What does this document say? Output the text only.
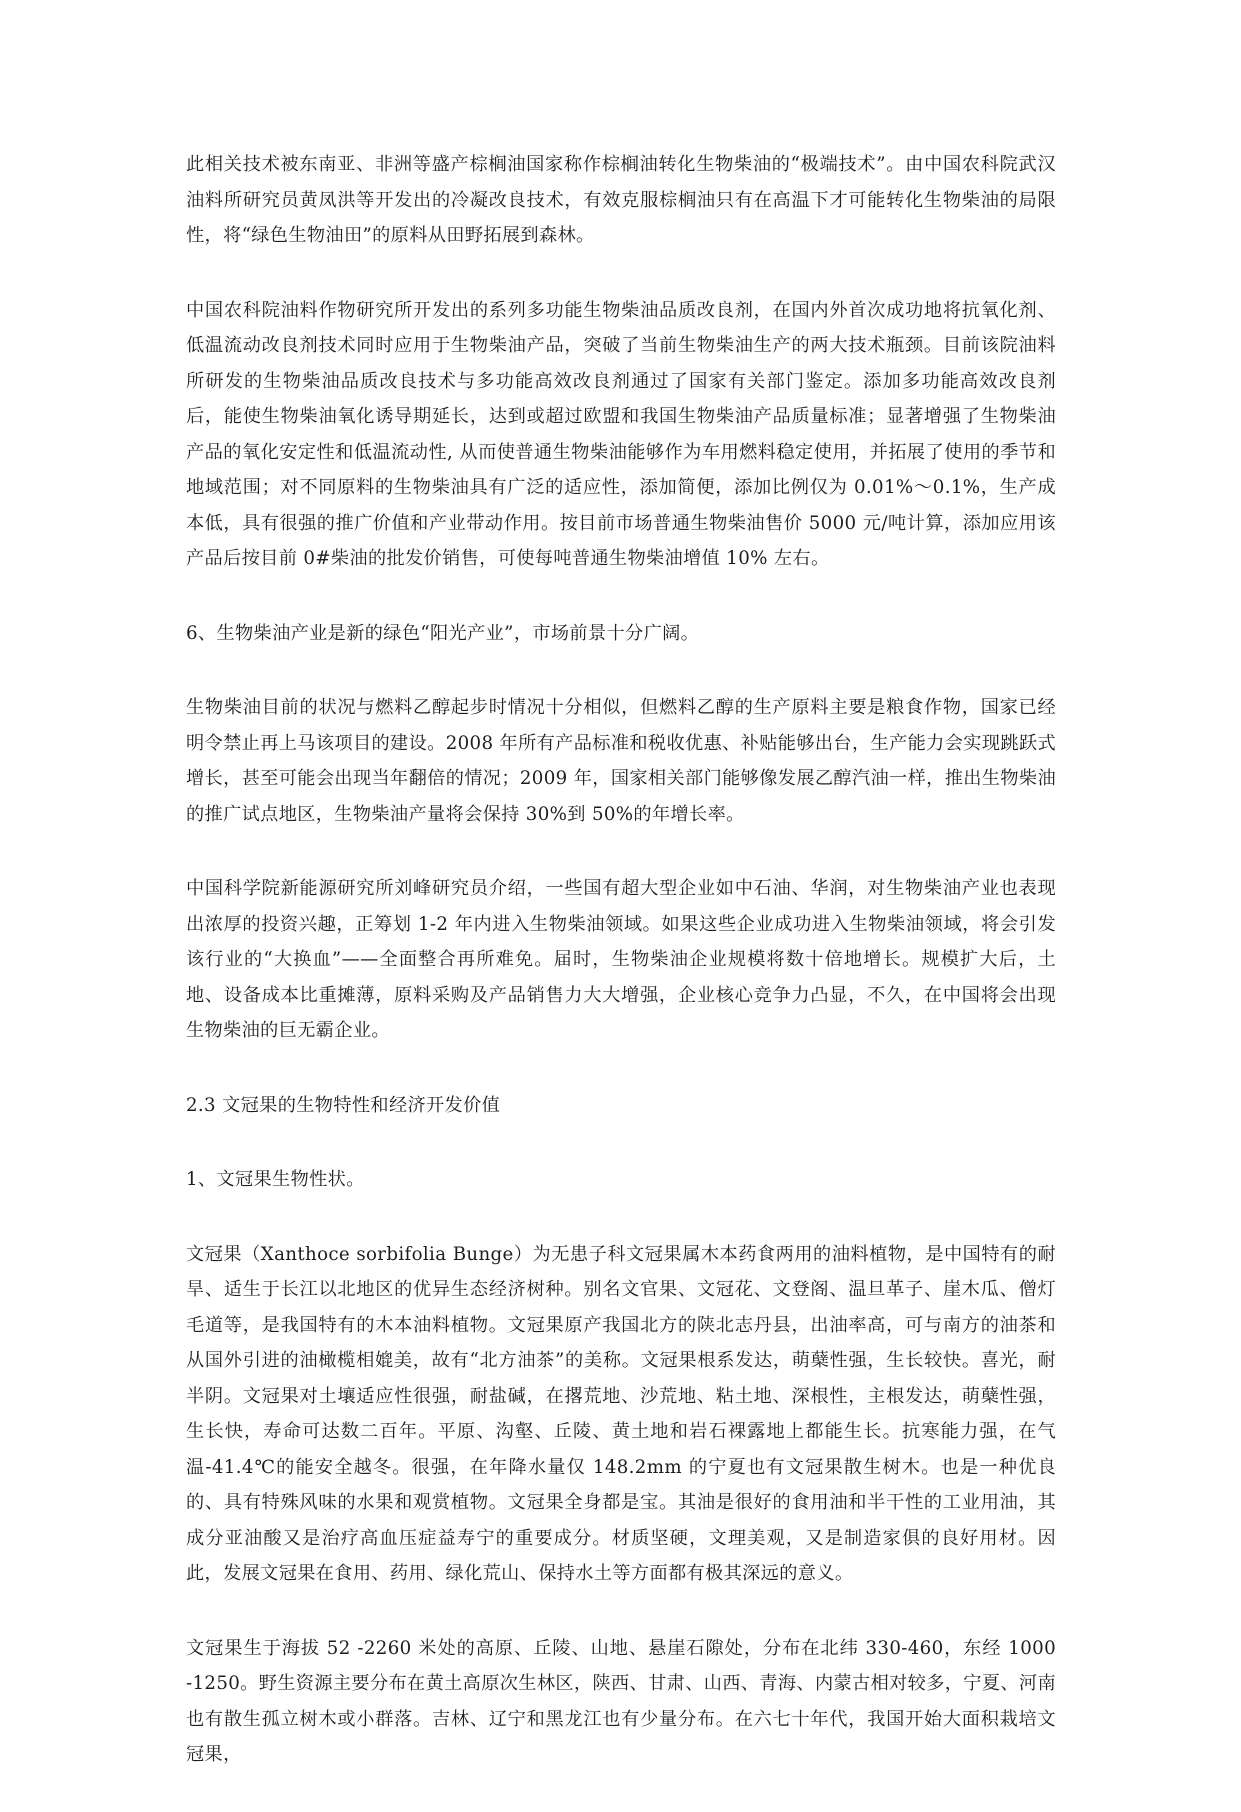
此相关技术被东南亚、非洲等盛产棕榈油国家称作棕榈油转化生物柴油的“极端技术”。由中国农科院武汉油料所研究员黄凤洪等开发出的冷凝改良技术，有效克服棕榈油只有在高温下才可能转化生物柴油的局限性，将“绿色生物油田”的原料从田野拓展到森林。

中国农科院油料作物研究所开发出的系列多功能生物柴油品质改良剂，在国内外首次成功地将抗氧化剂、低温流动改良剂技术同时应用于生物柴油产品，突破了当前生物柴油生产的两大技术瓶颈。目前该院油料所研发的生物柴油品质改良技术与多功能高效改良剂通过了国家有关部门鉴定。添加多功能高效改良剂后，能使生物柴油氧化诱导期延长，达到或超过欧盟和我国生物柴油产品质量标准；显著增强了生物柴油产品的氧化安定性和低温流动性, 从而使普通生物柴油能够作为车用燃料稳定使用，并拓展了使用的季节和地域范围；对不同原料的生物柴油具有广泛的适应性，添加简便，添加比例仅为 0.01%～0.1%，生产成本低，具有很强的推广价值和产业带动作用。按目前市场普通生物柴油售价 5000 元/吨计算，添加应用该产品后按目前 0#柴油的批发价销售，可使每吨普通生物柴油增值 10% 左右。

6、生物柴油产业是新的绿色“阳光产业”，市场前景十分广阔。

生物柴油目前的状况与燃料乙醇起步时情况十分相似，但燃料乙醇的生产原料主要是粮食作物，国家已经明令禁止再上马该项目的建设。2008 年所有产品标准和税收优惠、补贴能够出台，生产能力会实现跳跃式增长，甚至可能会出现当年翻倍的情况；2009 年，国家相关部门能够像发展乙醇汽油一样，推出生物柴油的推广试点地区，生物柴油产量将会保持 30%到 50%的年增长率。

中国科学院新能源研究所刘峰研究员介绍，一些国有超大型企业如中石油、华润，对生物柴油产业也表现出浓厚的投资兴趣，正筹划 1-2 年内进入生物柴油领域。如果这些企业成功进入生物柴油领域，将会引发该行业的“大换血”——全面整合再所难免。届时，生物柴油企业规模将数十倍地增长。规模扩大后，土地、设备成本比重摊薄，原料采购及产品销售力大大增强，企业核心竞争力凸显，不久，在中国将会出现生物柴油的巨无霸企业。

2.3 文冠果的生物特性和经济开发价值

1、文冠果生物性状。

文冠果（Xanthoce sorbifolia Bunge）为无患子科文冠果属木本药食两用的油料植物，是中国特有的耐旱、适生于长江以北地区的优异生态经济树种。别名文官果、文冠花、文登阁、温旦革子、崖木瓜、僧灯毛道等，是我国特有的木本油料植物。文冠果原产我国北方的陕北志丹县，出油率高，可与南方的油茶和从国外引进的油橄榄相媲美，故有“北方油茶”的美称。文冠果根系发达，萌蘖性强，生长较快。喜光，耐半阴。文冠果对土壤适应性很强，耐盐碱，在撂荒地、沙荒地、粘土地、深根性，主根发达，萌蘖性强，生长快，寿命可达数二百年。平原、沟壑、丘陵、黄土地和岩石裸露地上都能生长。抗寒能力强，在气温-41.4℃的能安全越冬。很强，在年降水量仅 148.2mm 的宁夏也有文冠果散生树木。也是一种优良的、具有特殊风味的水果和观赏植物。文冠果全身都是宝。其油是很好的食用油和半干性的工业用油，其成分亚油酸又是治疗高血压症益寿宁的重要成分。材质坚硬，文理美观，又是制造家俱的良好用材。因此，发展文冠果在食用、药用、绿化荒山、保持水土等方面都有极其深远的意义。

文冠果生于海拔 52 -2260 米处的高原、丘陵、山地、悬崖石隙处，分布在北纬 330-460，东经 1000 -1250。野生资源主要分布在黄土高原次生林区，陕西、甘肃、山西、青海、内蒙古相对较多，宁夏、河南也有散生孤立树木或小群落。吉林、辽宁和黑龙江也有少量分布。在六七十年代，我国开始大面积栽培文冠果，
